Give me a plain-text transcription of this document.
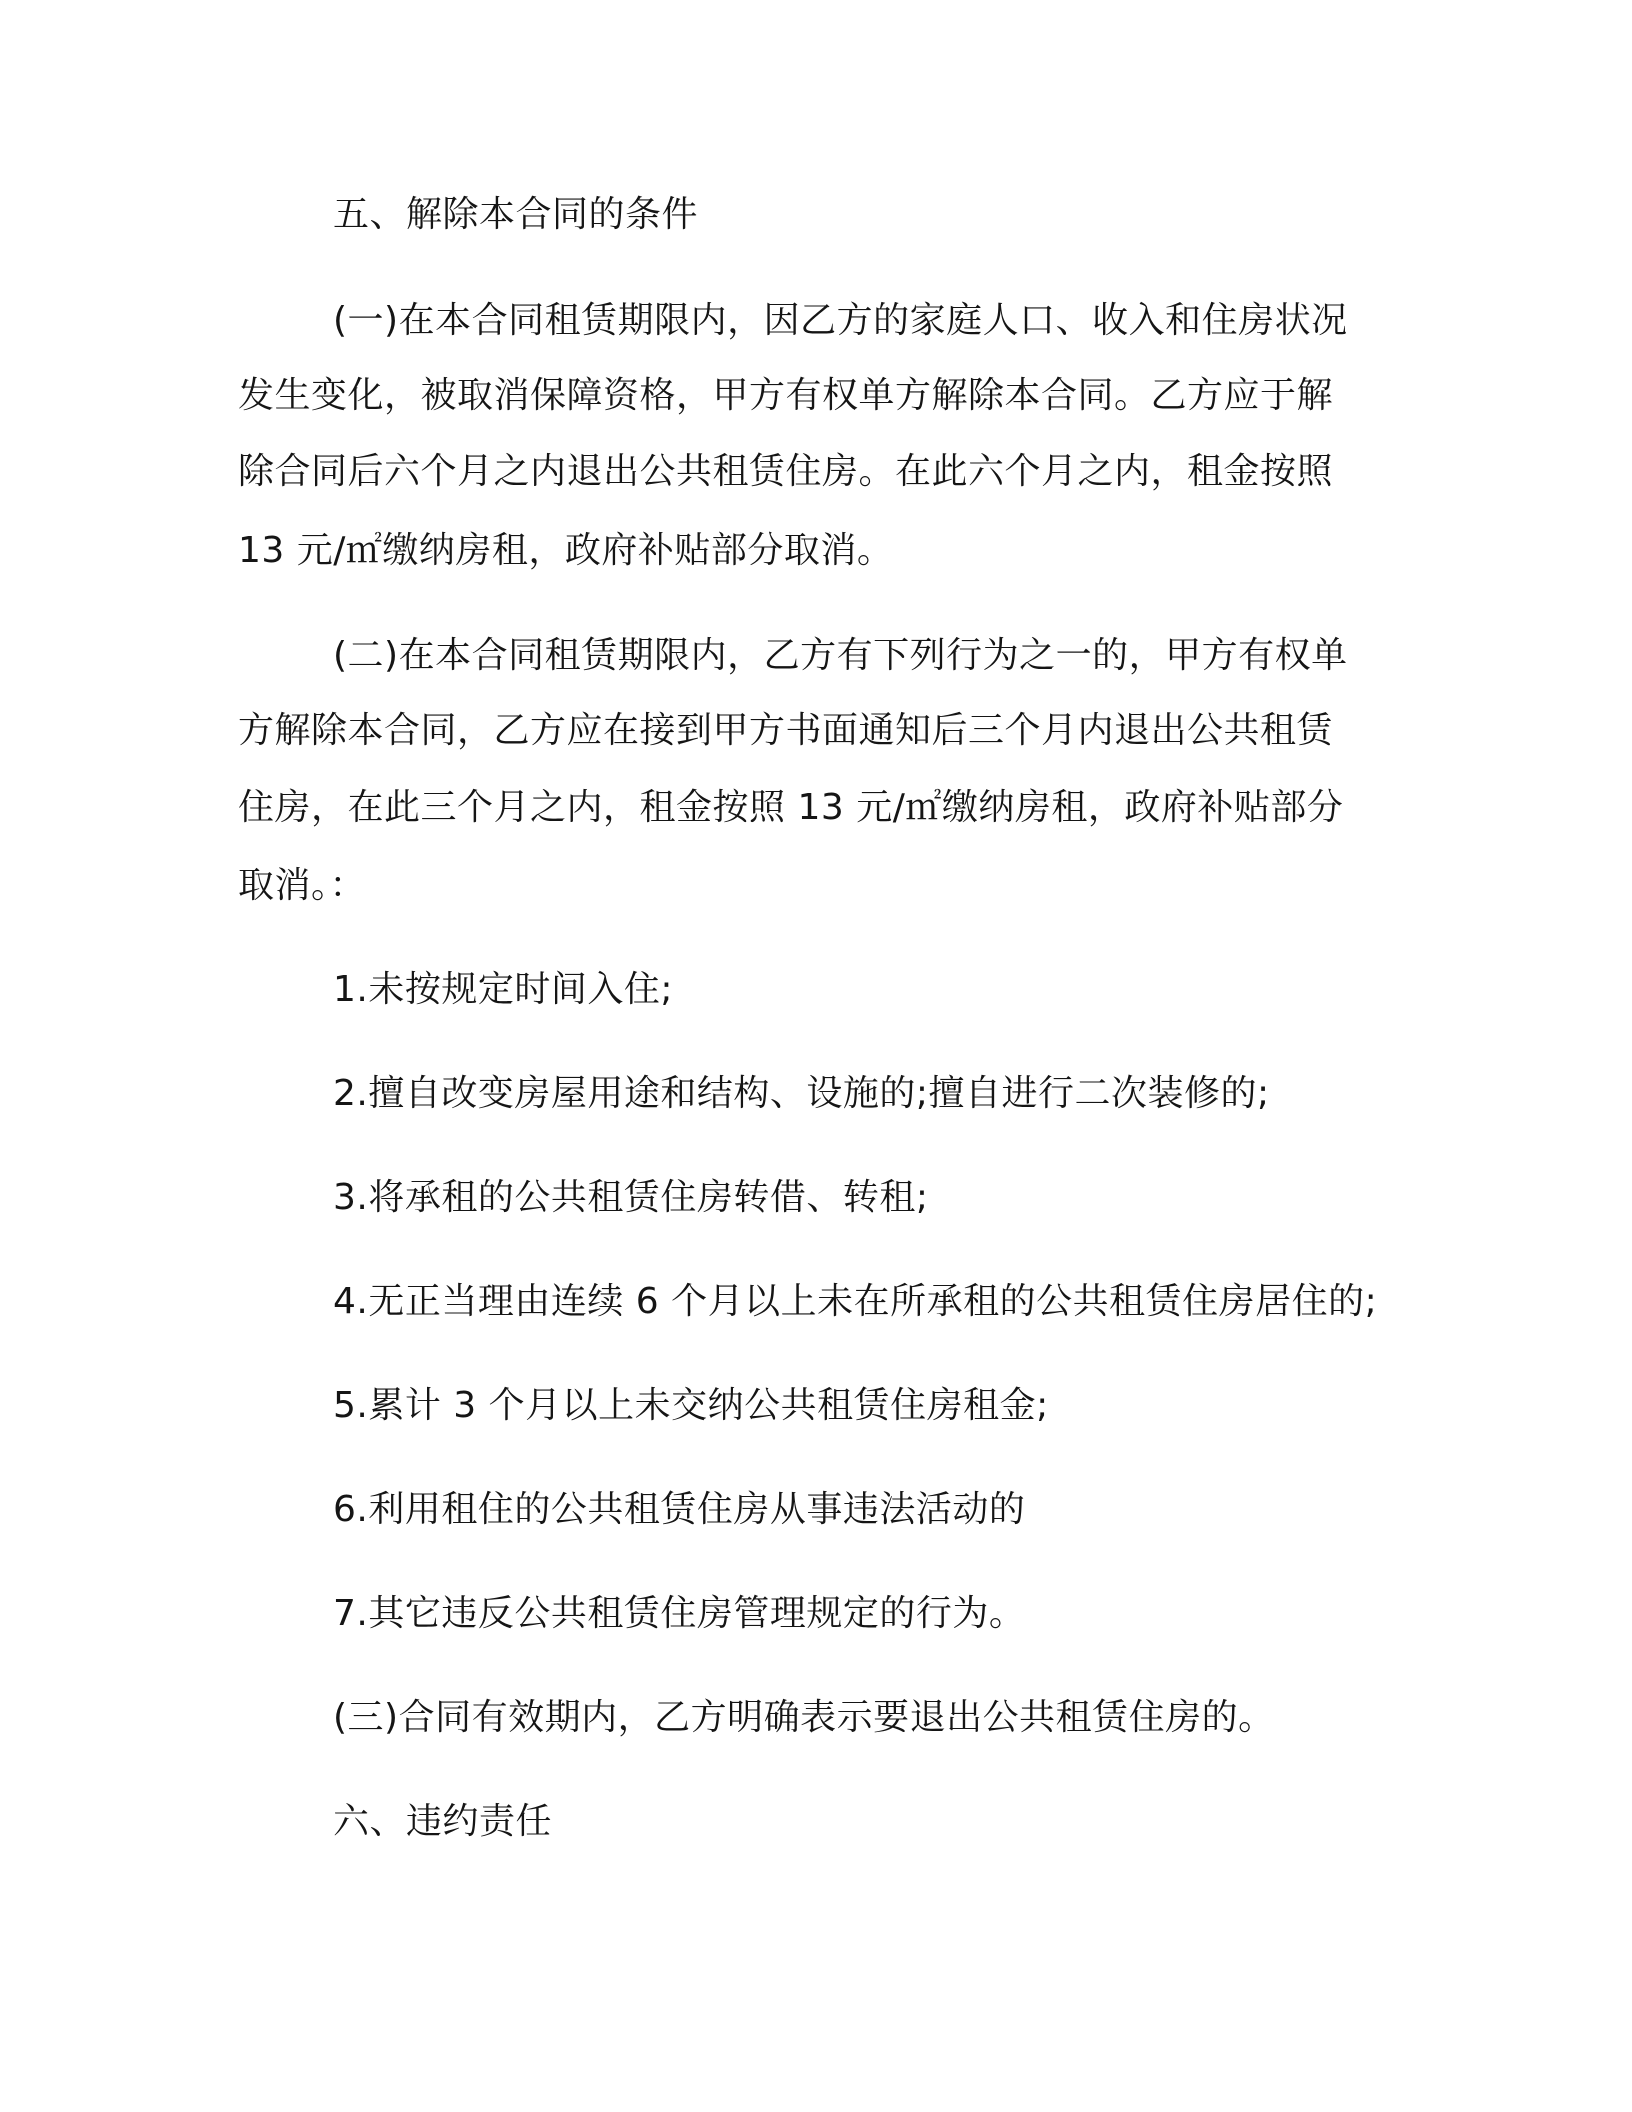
五、解除本合同的条件
(一)在本合同租赁期限内，因乙方的家庭人口、收入和住房状况
发生变化，被取消保障资格，甲方有权单方解除本合同。乙方应于解
除合同后六个月之内退出公共租赁住房。在此六个月之内，租金按照
13 元/㎡缴纳房租，政府补贴部分取消。
(二)在本合同租赁期限内，乙方有下列行为之一的，甲方有权单
方解除本合同，乙方应在接到甲方书面通知后三个月内退出公共租赁
住房，在此三个月之内，租金按照 13 元/㎡缴纳房租，政府补贴部分
取消。：
1.未按规定时间入住;
2.擅自改变房屋用途和结构、设施的;擅自进行二次装修的;
3.将承租的公共租赁住房转借、转租;
4.无正当理由连续 6 个月以上未在所承租的公共租赁住房居住的;
5.累计 3 个月以上未交纳公共租赁住房租金;
6.利用租住的公共租赁住房从事违法活动的
7.其它违反公共租赁住房管理规定的行为。
(三)合同有效期内，乙方明确表示要退出公共租赁住房的。
六、违约责任
